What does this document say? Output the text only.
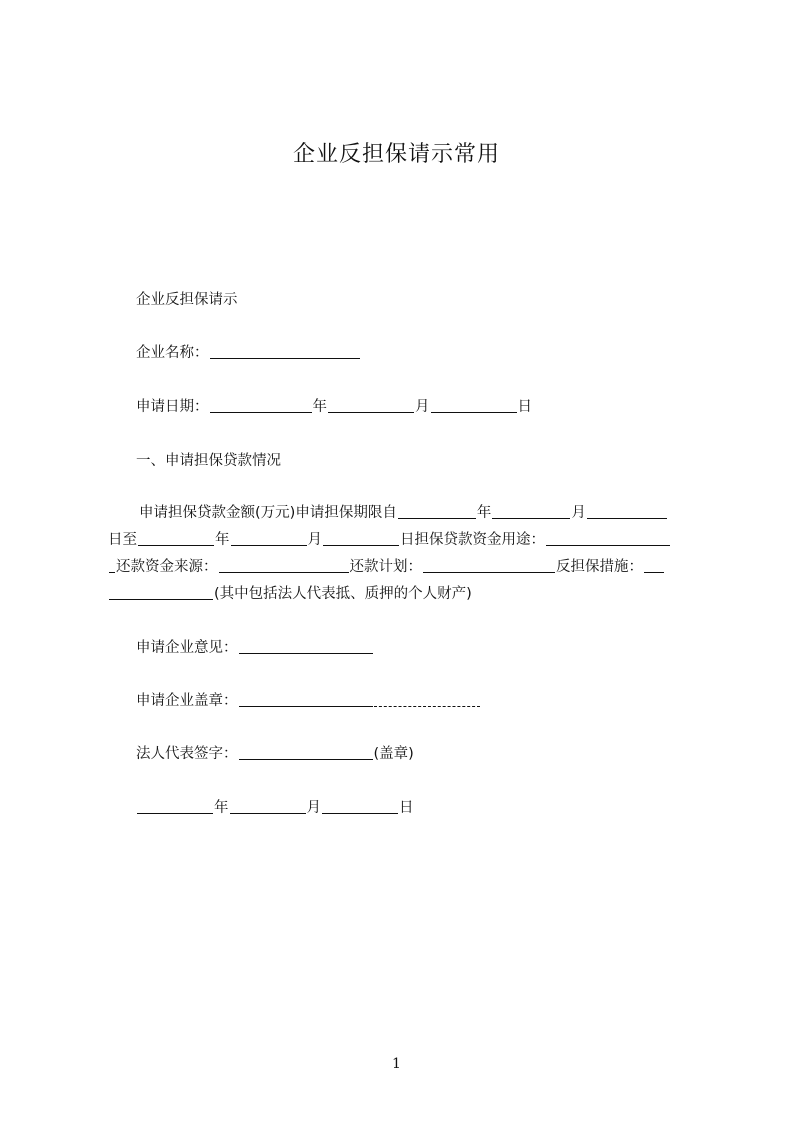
企业反担保请示常用
企业反担保请示
企业名称：
申请日期：	年	月	日
一、申请担保贷款情况
申请担保贷款金额(万元)申请担保期限自	年	月
日至	年	月	日担保贷款资金用途：
还款资金来源：	还款计划：	反担保措施：
(其中包括法人代表抵、质押的个人财产)
申请企业意见：
申请企业盖章：
法人代表签字：	(盖章)
年	月	日
1
